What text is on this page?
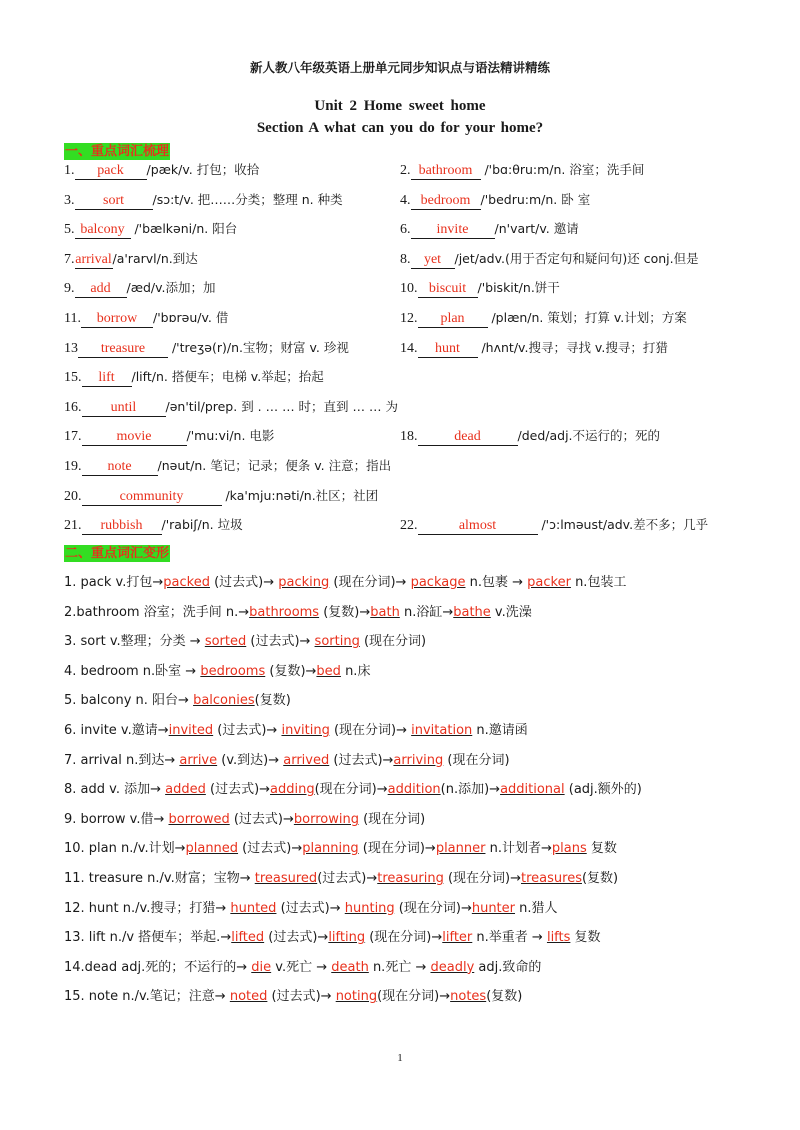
新人教八年级英语上册单元同步知识点与语法精讲精练
Unit 2 Home sweet home
Section A what can you do for your home?
一、重点词汇梳理
1. pack /pæk/v. 打包；收拾	2. bathroom /'bɑ:θru:m/n. 浴室；洗手间
3. sort /sɔ:t/v. 把……分类；整理 n. 种类	4. bedroom /'bedru:m/n. 卧 室
5. balcony /'bælkəni/n. 阳台	6. invite /n'vart/v. 邀请
7.arrival/a'rarvl/n.到达	8. yet /jet/adv.(用于否定句和疑问句)还 conj.但是
9. add /æd/v.添加；加	10. biscuit /'biskit/n.饼干
11. borrow /'bɒrəu/v. 借	12. plan /plæn/n. 策划；打算 v.计划；方案
13 treasure /'treʒə(r)/n.宝物；财富 v. 珍视	14. hunt /hʌnt/v.搜寻；寻找 v.搜寻；打猎
15. lift /lift/n. 搭便车；电梯 v.举起；抬起
16. until /ən'til/prep. 到 . … … 时；直到 … … 为
17.	movie	/'mu:vi/n. 电影	18.	dead	/ded/adj.不运行的；死的
19. note /nəut/n. 笔记；记录；便条 v. 注意；指出
20.	community	/ka'mju:nəti/n.社区；社团
21. rubbish /'rabiʃ/n. 垃圾	22.	almost	/'ɔ:lməust/adv.差不多；几乎
二、重点词汇变形
1. pack v.打包→packed (过去式)→ packing (现在分词)→ package n.包裹 → packer n.包装工
2.bathroom 浴室；洗手间 n.→bathrooms (复数)→bath n.浴缸→bathe v.洗澡
3. sort v.整理；分类 → sorted (过去式)→ sorting (现在分词)
4. bedroom n.卧室 → bedrooms (复数)→bed n.床
5. balcony n. 阳台→ balconies(复数)
6. invite v.邀请→invited (过去式)→ inviting (现在分词)→ invitation n.邀请函
7. arrival n.到达→ arrive (v.到达)→ arrived (过去式)→arriving (现在分词)
8. add v. 添加→ added (过去式)→adding(现在分词)→addition(n.添加)→additional (adj.额外的)
9. borrow v.借→ borrowed (过去式)→borrowing (现在分词)
10. plan n./v.计划→planned (过去式)→planning (现在分词)→planner n.计划者→plans 复数
11. treasure n./v.财富；宝物→ treasured(过去式)→treasuring (现在分词)→treasures(复数)
12. hunt n./v.搜寻；打猎→ hunted (过去式)→ hunting (现在分词)→hunter n.猎人
13. lift n./v 搭便车；举起.→lifted (过去式)→lifting (现在分词)→lifter n.举重者 → lifts 复数
14.dead adj.死的；不运行的→ die v.死亡 → death n.死亡 → deadly adj.致命的
15. note n./v.笔记；注意→ noted (过去式)→ noting(现在分词)→notes(复数)
1
